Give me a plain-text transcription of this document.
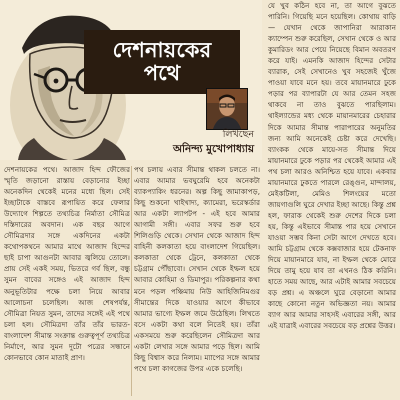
দেশনায়কের
পথে
লিখছেন
অনিন্দ্য মুখোপাধ্যায়

যে খুব কঠিন হবে না, তা আগে বুঝতে পারিনি। গিয়েছি মনে হয়েছিল। কোথায় বাড়ি — যেখান থেকে জাপানিরা আরাকান ক্যাম্পেন শুরু করেছিল, সেখান থেকে ও আর কুমারিডং আর পেয়ে নিয়েছে বিমান অবতরণ করে যাই। এমনকি আজাদ হিন্দের সেটার ব্যারাক, সেই সেখানেও খুব সহজেই খুঁজে পাওয়া যাবে মনে হয়। তবে মায়ানমারে ঢুকে পড়ার পর ব্যাপারটা যে আর তেমন সহজ থাকবে না তাও বুঝতে পারছিলাম। থাইল্যান্ডের মধ্য থেকে মায়ানমারের চেহারার দিকে আমার সীমান্ত পারাপারের অনুমতির জন্য আমি অনেকেই চেষ্টা করে দেখেছি। ব্যাংকক থেকে মায়ে-সত সীমান্ত দিয়ে মায়ানমারে ঢুকে পড়ার পর থেকেই আমার এই পথ চলা আরও অনিশ্চিত হয়ে যাবে। একবার মায়ানমারে ঢুকতে পারলে রেঙ্গুন, মান্দালয়, মেইকটিলা, মেমিও শিলংয়ের মতো জায়গাগুলি ঘুরে দেখার ইচ্ছা আছে। কিন্তু প্রশ্ন হল, ফারাক থেকেই শুরু দেশের দিকে চলা হয়, কিন্তু এইভাবে সীমান্ত পার হয়ে সেখানে যাওয়া সম্ভব কিনা সেটা আগে দেখতে হবে। আমি চট্টগ্রাম থেকে কক্সবাজার হয়ে টেকনাফ দিয়ে মায়ানমারে যাব, না ইম্ফল থেকে মোরে দিয়ে তামু হয়ে যাব তা এখনও ঠিক করিনি। হাতে সময় আছে, আর এটাই আমার সবচেয়ে বড় প্রশ্ন। এ অঞ্চলে ঘুরে বেড়ানো আমার কাছে কোনো নতুন অভিজ্ঞতা নয়। আমার ব্যাগ আর আমার সাহসই এবারের সঙ্গী, আর এই যাত্রাই এবারের সবচেয়ে বড় প্রশ্নের উত্তর।

দেশনায়কের পথে। আজাদ হিন্দ ফৌজের স্মৃতি জড়ানো রাস্তায় বেড়ানোর ইচ্ছা অনেকদিন থেকেই মনের মধ্যে ছিল। সেই ইচ্ছাটাকে বাস্তবে রূপায়িত করে ফেলার উদ্যোগে শিল্পতে তথ্যচিত্র নির্মাতা সৌমিত্র দস্তিদারের অবদান। এক বছর আগে সৌমিত্রদার সঙ্গে একদিনের একটা কথোপকথনে আমার মাথে আজাদ হিন্দের ছাই চাপা আগুনটা আবার জ্বলিয়ে তোলে। প্রায় সেই একই সময়, ভিতরে গর্ব ছিল, বন্ধু সুমন বাবের সঙ্গেও এই আজাদ হিন্দ অনুভূতিটার পক্ষে চলা নিয়ে আবার আলোচনা চলেছিল। আজ শেষপর্যন্ত, সৌমিত্রা নিয়ত সুমন, তাদের সঙ্গেই এই পথে চলা হল। সৌমিত্রদা তাঁর তাঁর ভারত-বাংলাদেশ সীমান্ত সংক্রান্ত গুরুত্বপূর্ণ তথ্যচিত্র নির্মাণে, আর সুমন দুটো পত্রের সন্ধানে কোনভাবে কোন মাতাই প্রাণ।

পথ চলায় এবার সীমান্ত থাকল চলতে না। এবার আমার ভবঘুরেমি হবে অনেকটা ব্যাকপ্যাকিং ধরনের। অল্প কিছু জামাকাপড়, কিছু শুকনো খাইখাদ্য, ক্যামেরা, ভরেস্কর্ডার আর একটা ল্যাপটপ - এই হবে আমার আগামী সঙ্গী। এবার সফর শুরু হবে শিলিগুড়ি থেকে। সেখান থেকে আজাদ হিন্দ বাহিনী কলকাতা হয়ে বাংলাদেশ গিয়েছিল। কলকাতা থেকে ট্রেনে, কলকাতা থেকে চট্টগ্রাম পৌঁছাবো। সেখান থেকে ইম্ফল হয়ে আবার কোহিমা ও ডিমাপুর। পরিকল্পনার কথা মনে পড়ল পঞ্চিমায় নিউ আহিজিনিমগুর সীমান্তের দিকে যাওয়ার আগে কীভাবে আমার ভাগ্যে ইম্ফল জমে উঠেছিল। লিখতে বসে একটা কথা বলে নিতেই হয়। তাঁরা একসময়ে শুরু করেছিলেন সৌমিত্রদা আর একটা লেখার সঙ্গে আমার পড়ে ছিল। আমি কিছু বিশ্বাস করে নিলাম। ম্যাপের সঙ্গে আমার পথে চলা কাগজের উপর একে চলেছি।
